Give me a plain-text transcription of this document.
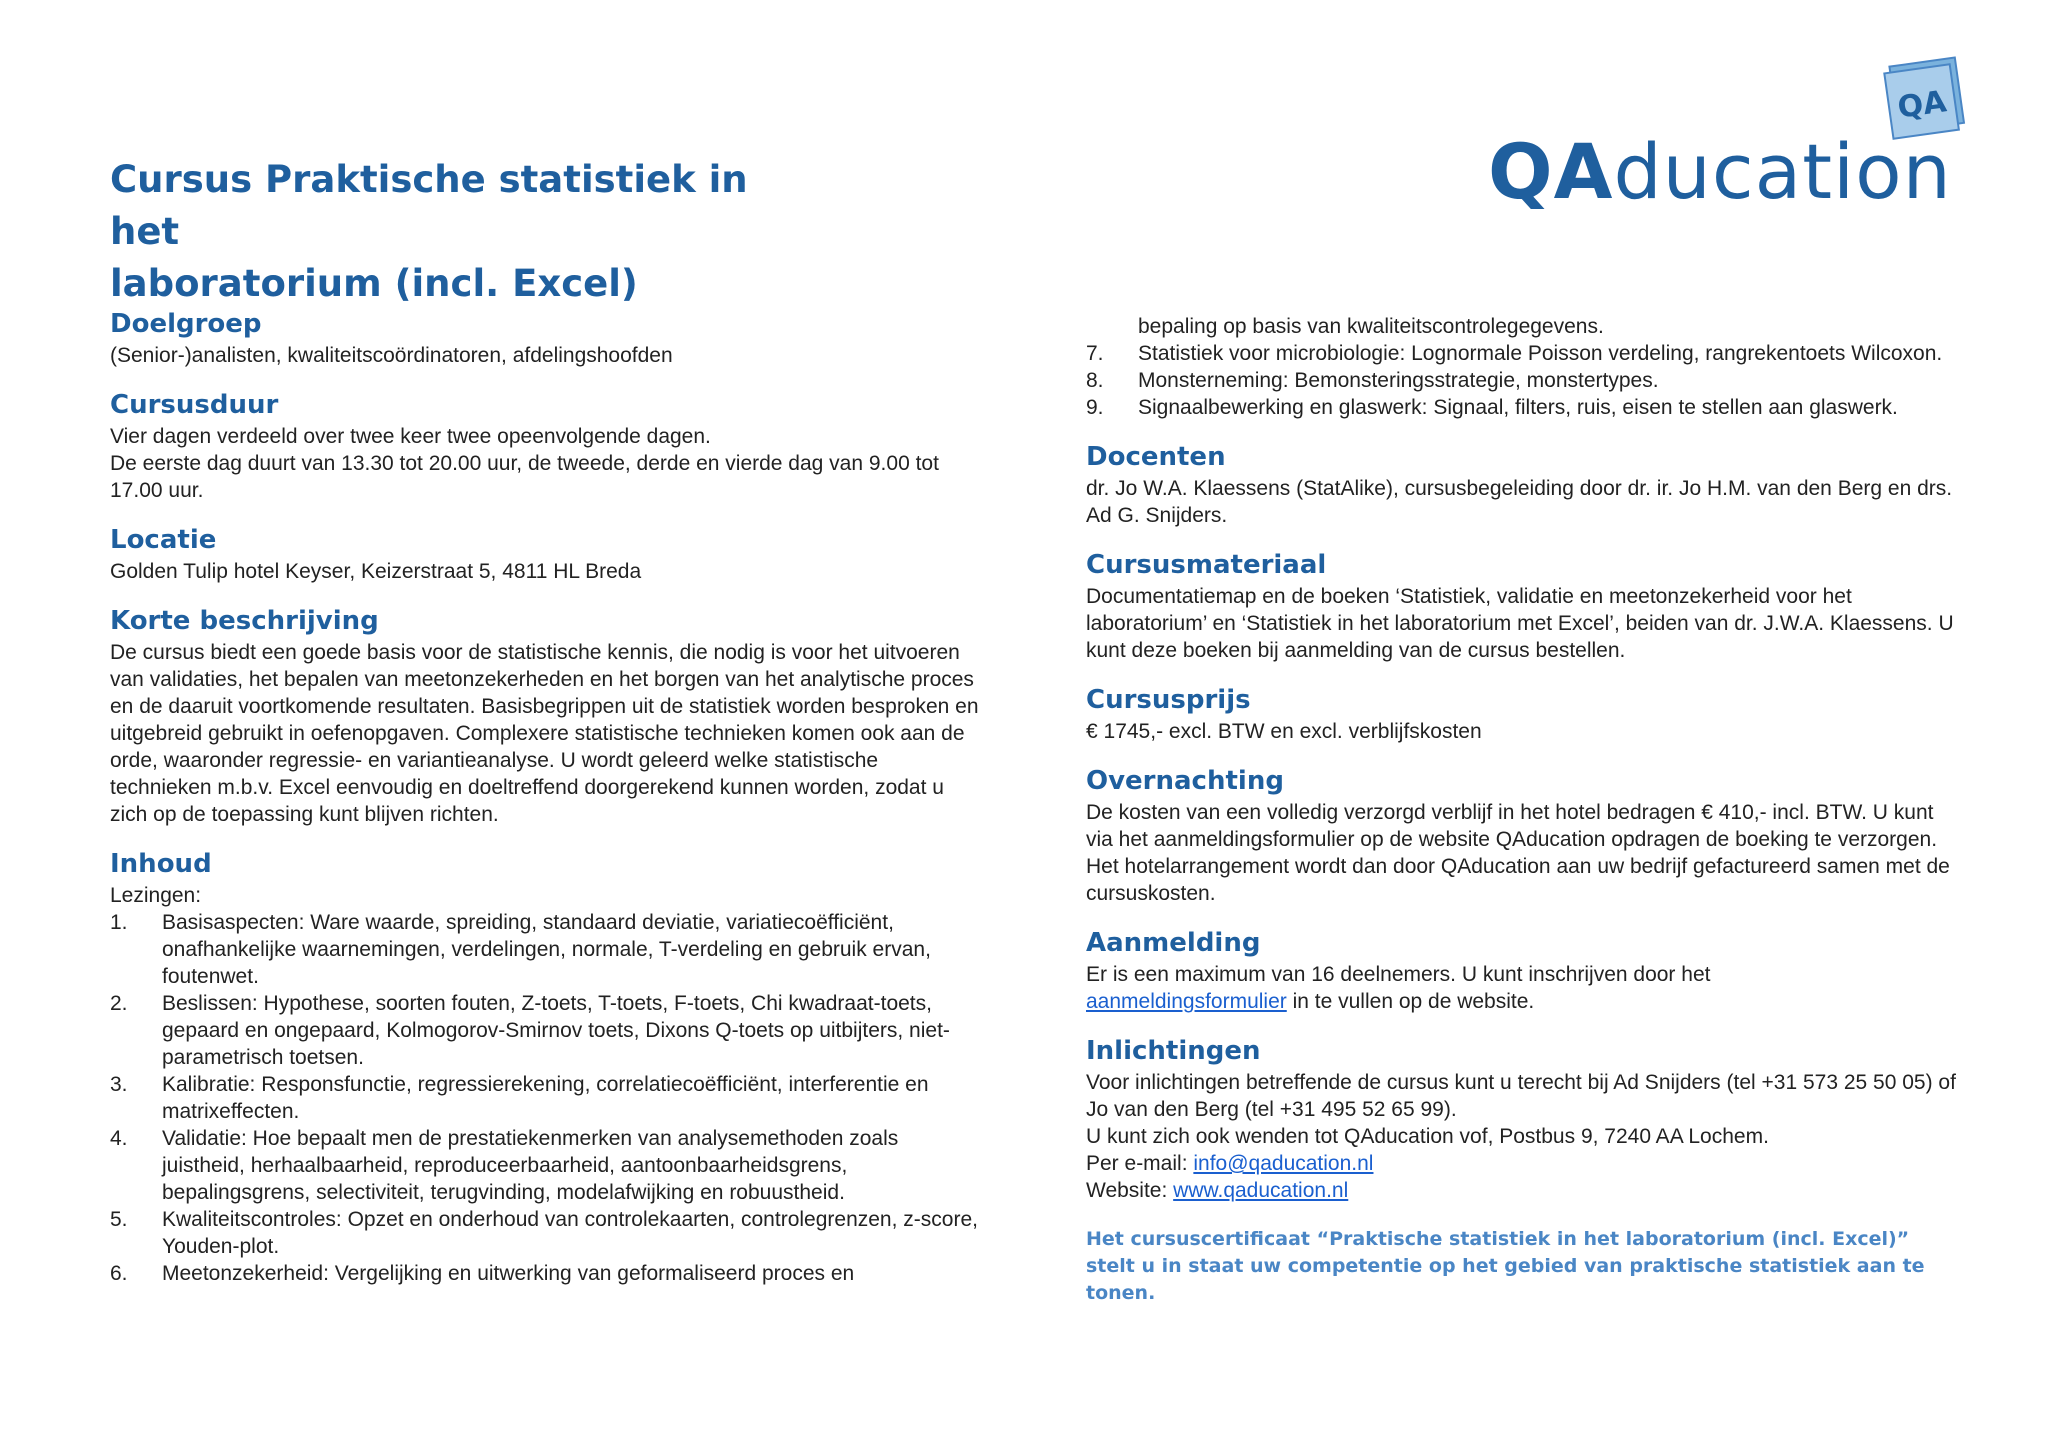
Cursus Praktische statistiek in het
laboratorium (incl. Excel)
QA
QAducation
Doelgroep

(Senior-)analisten, kwaliteitscoördinatoren, afdelingshoofden

Cursusduur

Vier dagen verdeeld over twee keer twee opeenvolgende dagen.

De eerste dag duurt van 13.30 tot 20.00 uur, de tweede, derde en vierde dag van 9.00 tot 17.00 uur.

Locatie

Golden Tulip hotel Keyser, Keizerstraat 5, 4811 HL Breda

Korte beschrijving

De cursus biedt een goede basis voor de statistische kennis, die nodig is voor het uitvoeren van validaties, het bepalen van meetonzekerheden en het borgen van het analytische proces en de daaruit voortkomende resultaten. Basisbegrippen uit de statistiek worden besproken en uitgebreid gebruikt in oefenopgaven. Complexere statistische technieken komen ook aan de orde, waaronder regressie- en variantieanalyse. U wordt geleerd welke statistische technieken m.b.v. Excel eenvoudig en doeltreffend doorgerekend kunnen worden, zodat u zich op de toepassing kunt blijven richten.

Inhoud

Lezingen:

1. Basisaspecten: Ware waarde, spreiding, standaard deviatie, variatiecoëfficiënt, onafhankelijke waarnemingen, verdelingen, normale, T-verdeling en gebruik ervan, foutenwet.
2. Beslissen: Hypothese, soorten fouten, Z-toets, T-toets, F-toets, Chi kwadraat-toets, gepaard en ongepaard, Kolmogorov-Smirnov toets, Dixons Q-toets op uitbijters, niet-parametrisch toetsen.
3. Kalibratie: Responsfunctie, regressierekening, correlatiecoëfficiënt, interferentie en matrixeffecten.
4. Validatie: Hoe bepaalt men de prestatiekenmerken van analysemethoden zoals juistheid, herhaalbaarheid, reproduceerbaarheid, aantoonbaarheidsgrens, bepalingsgrens, selectiviteit, terugvinding, modelafwijking en robuustheid.
5. Kwaliteitscontroles: Opzet en onderhoud van controlekaarten, controlegrenzen, z-score, Youden-plot.
6. Meetonzekerheid: Vergelijking en uitwerking van geformaliseerd proces en

bepaling op basis van kwaliteitscontrolegegevens.

7. Statistiek voor microbiologie: Lognormale Poisson verdeling, rangrekentoets Wilcoxon.
8. Monsterneming: Bemonsteringsstrategie, monstertypes.
9. Signaalbewerking en glaswerk: Signaal, filters, ruis, eisen te stellen aan glaswerk.
Docenten

dr. Jo W.A. Klaessens (StatAlike), cursusbegeleiding door dr. ir. Jo H.M. van den Berg en drs. Ad G. Snijders.

Cursusmateriaal

Documentatiemap en de boeken ‘Statistiek, validatie en meetonzekerheid voor het laboratorium’ en ‘Statistiek in het laboratorium met Excel’, beiden van dr. J.W.A. Klaessens. U kunt deze boeken bij aanmelding van de cursus bestellen.

Cursusprijs

€ 1745,- excl. BTW en excl. verblijfskosten

Overnachting

De kosten van een volledig verzorgd verblijf in het hotel bedragen € 410,- incl. BTW. U kunt via het aanmeldingsformulier op de website QAducation opdragen de boeking te verzorgen. Het hotelarrangement wordt dan door QAducation aan uw bedrijf gefactureerd samen met de cursuskosten.

Aanmelding

Er is een maximum van 16 deelnemers. U kunt inschrijven door het
aanmeldingsformulier in te vullen op de website.

Inlichtingen

Voor inlichtingen betreffende de cursus kunt u terecht bij Ad Snijders (tel +31 573 25 50 05) of Jo van den Berg (tel +31 495 52 65 99).

U kunt zich ook wenden tot QAducation vof, Postbus 9, 7240 AA Lochem.

Per e-mail: info@qaducation.nl

Website: www.qaducation.nl

Het cursuscertificaat “Praktische statistiek in het laboratorium (incl. Excel)” stelt u in staat uw competentie op het gebied van praktische statistiek aan te tonen.
